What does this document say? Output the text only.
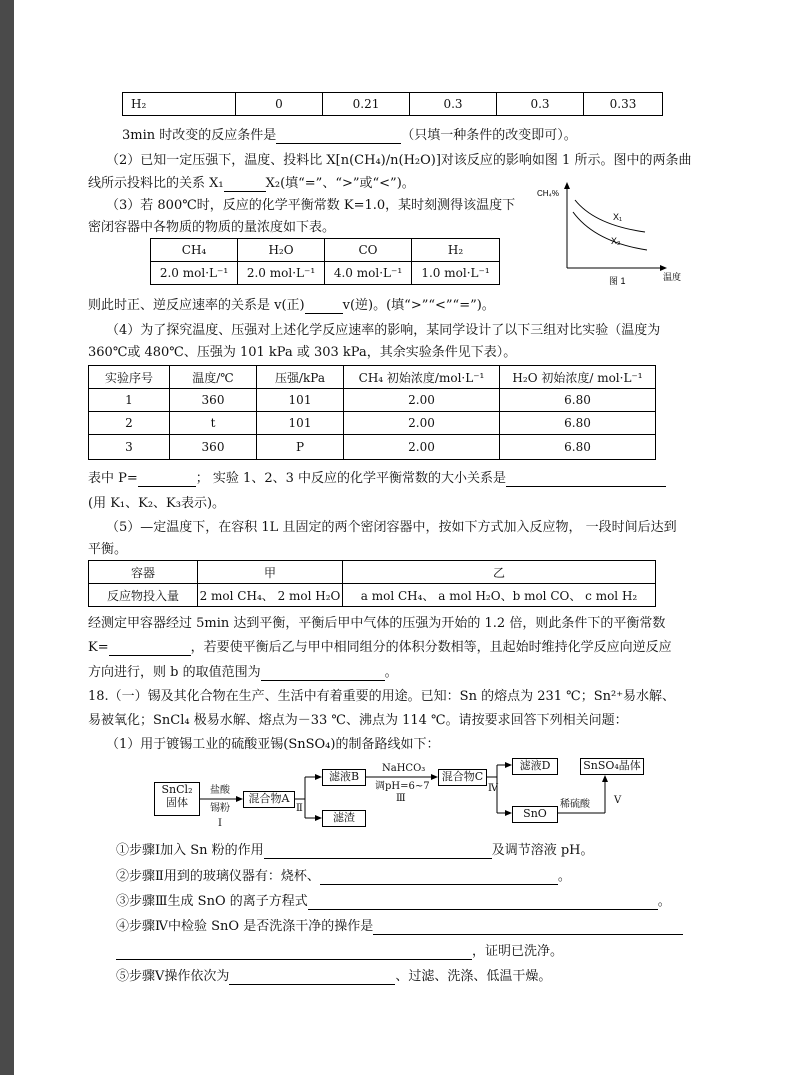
H₂	0	0.21	0.3	0.3	0.33
3min 时改变的反应条件是	（只填一种条件的改变即可）。
（2）已知一定压强下，温度、投料比 X[n(CH₄)/n(H₂O)]对该反应的影响如图 1 所示。图中的两条曲
线所示投料比的关系 X₁	X₂(填“=”、“>”或“<”)。
（3）若 800℃时，反应的化学平衡常数 K=1.0，某时刻测得该温度下
密闭容器中各物质的物质的量浓度如下表。
CH₄%
X₁
X₂
温度
图 1
CH₄	H₂O	CO	H₂
2.0 mol·L⁻¹	2.0 mol·L⁻¹	4.0 mol·L⁻¹	1.0 mol·L⁻¹
则此时正、逆反应速率的关系是 v(正)	v(逆)。(填“>”“<”“=”)。
（4）为了探究温度、压强对上述化学反应速率的影响，某同学设计了以下三组对比实验（温度为
360℃或 480℃、压强为 101 kPa 或 303 kPa，其余实验条件见下表）。
实验序号	温度/℃	压强/kPa	CH₄ 初始浓度/mol·L⁻¹	H₂O 初始浓度/ mol·L⁻¹
1	360	101	2.00	6.80
2	t	101	2.00	6.80
3	360	P	2.00	6.80
表中 P=	； 实验 1、2、3 中反应的化学平衡常数的大小关系是
(用 K₁、K₂、K₃表示)。
（5）—定温度下，在容积 1L 且固定的两个密闭容器中，按如下方式加入反应物， 一段时间后达到
平衡。
容器	甲	乙
反应物投入量	2 mol CH₄、 2 mol H₂O	a mol CH₄、 a mol H₂O、b mol CO、 c mol H₂
经测定甲容器经过 5min 达到平衡，平衡后甲中气体的压强为开始的 1.2 倍，则此条件下的平衡常数
K=	，若要使平衡后乙与甲中相同组分的体积分数相等，且起始时维持化学反应向逆反应
方向进行，则 b 的取值范围为	。
18.（一）锡及其化合物在生产、生活中有着重要的用途。已知：Sn 的熔点为 231 ℃；Sn²⁺易水解、
易被氧化；SnCl₄ 极易水解、熔点为－33 ℃、沸点为 114 ℃。请按要求回答下列相关问题：
（1）用于镀锡工业的硫酸亚锡(SnSO₄)的制备路线如下：
SnCl₂
固体
盐酸
锡粉
Ⅰ
混合物A
Ⅱ
滤液B
滤渣
NaHCO₃
调pH=6~7
Ⅲ
混合物C
Ⅳ
滤液D
SnO
稀硫酸 Ⅴ
SnSO₄晶体
①步骤Ⅰ加入 Sn 粉的作用	及调节溶液 pH。
②步骤Ⅱ用到的玻璃仪器有：烧杯、	。
③步骤Ⅲ生成 SnO 的离子方程式	。
④步骤Ⅳ中检验 SnO 是否洗涤干净的操作是
，证明已洗净。
⑤步骤Ⅴ操作依次为	、过滤、洗涤、低温干燥。
